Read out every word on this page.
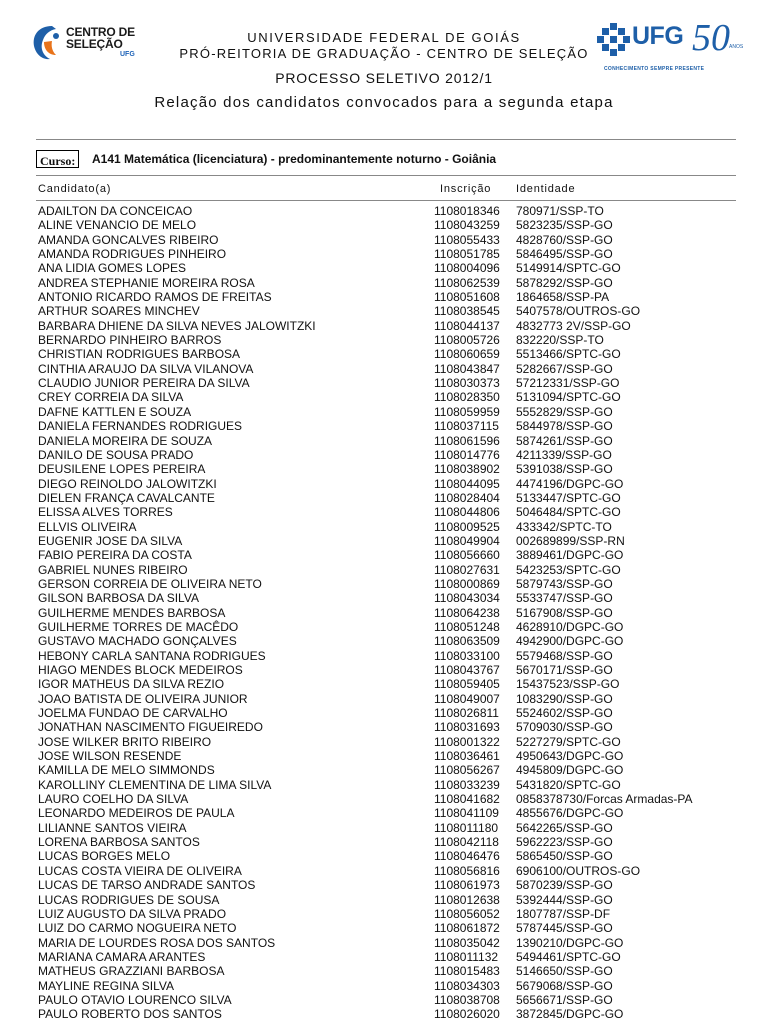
CENTRO DE
SELEÇÃO
UFG
UFG 50 ANOS
CONHECIMENTO SEMPRE PRESENTE
UNIVERSIDADE FEDERAL DE GOIÁS
PRÓ-REITORIA DE GRADUAÇÃO - CENTRO DE SELEÇÃO
PROCESSO SELETIVO 2012/1
Relação dos candidatos convocados para a segunda etapa
Curso:	A141 Matemática (licenciatura) - predominantemente noturno - Goiânia
Candidato(a)	Inscrição Identidade
ADAILTON DA CONCEICAO	1108018346 780971/SSP-TO
ALINE VENANCIO DE MELO	1108043259 5823235/SSP-GO
AMANDA GONCALVES RIBEIRO	1108055433 4828760/SSP-GO
AMANDA RODRIGUES PINHEIRO	1108051785 5846495/SSP-GO
ANA LIDIA GOMES LOPES	1108004096 5149914/SPTC-GO
ANDREA STEPHANIE MOREIRA ROSA	1108062539 5878292/SSP-GO
ANTONIO RICARDO RAMOS DE FREITAS	1108051608 1864658/SSP-PA
ARTHUR SOARES MINCHEV	1108038545 5407578/OUTROS-GO
BARBARA DHIENE DA SILVA NEVES JALOWITZKI	1108044137 4832773 2V/SSP-GO
BERNARDO PINHEIRO BARROS	1108005726 832220/SSP-TO
CHRISTIAN RODRIGUES BARBOSA	1108060659 5513466/SPTC-GO
CINTHIA ARAUJO DA SILVA VILANOVA	1108043847 5282667/SSP-GO
CLAUDIO JUNIOR PEREIRA DA SILVA	1108030373 57212331/SSP-GO
CREY CORREIA DA SILVA	1108028350 5131094/SPTC-GO
DAFNE KATTLEN E SOUZA	1108059959 5552829/SSP-GO
DANIELA FERNANDES RODRIGUES	1108037115 5844978/SSP-GO
DANIELA MOREIRA DE SOUZA	1108061596 5874261/SSP-GO
DANILO DE SOUSA PRADO	1108014776 4211339/SSP-GO
DEUSILENE LOPES PEREIRA	1108038902 5391038/SSP-GO
DIEGO REINOLDO JALOWITZKI	1108044095 4474196/DGPC-GO
DIELEN FRANÇA CAVALCANTE	1108028404 5133447/SPTC-GO
ELISSA ALVES TORRES	1108044806 5046484/SPTC-GO
ELLVIS OLIVEIRA	1108009525 433342/SPTC-TO
EUGENIR JOSE DA SILVA	1108049904 002689899/SSP-RN
FABIO PEREIRA DA COSTA	1108056660 3889461/DGPC-GO
GABRIEL NUNES RIBEIRO	1108027631 5423253/SPTC-GO
GERSON CORREIA DE OLIVEIRA NETO	1108000869 5879743/SSP-GO
GILSON BARBOSA DA SILVA	1108043034 5533747/SSP-GO
GUILHERME MENDES BARBOSA	1108064238 5167908/SSP-GO
GUILHERME TORRES DE MACÊDO	1108051248 4628910/DGPC-GO
GUSTAVO MACHADO GONÇALVES	1108063509 4942900/DGPC-GO
HEBONY CARLA SANTANA RODRIGUES	1108033100 5579468/SSP-GO
HIAGO MENDES BLOCK MEDEIROS	1108043767 5670171/SSP-GO
IGOR MATHEUS DA SILVA REZIO	1108059405 15437523/SSP-GO
JOAO BATISTA DE OLIVEIRA JUNIOR	1108049007 1083290/SSP-GO
JOELMA FUNDAO DE CARVALHO	1108026811 5524602/SSP-GO
JONATHAN NASCIMENTO FIGUEIREDO	1108031693 5709030/SSP-GO
JOSE WILKER BRITO RIBEIRO	1108001322 5227279/SPTC-GO
JOSE WILSON RESENDE	1108036461 4950643/DGPC-GO
KAMILLA DE MELO SIMMONDS	1108056267 4945809/DGPC-GO
KAROLLINY CLEMENTINA DE LIMA SILVA	1108033239 5431820/SPTC-GO
LAURO COELHO DA SILVA	1108041682 0858378730/Forcas Armadas-PA
LEONARDO MEDEIROS DE PAULA	1108041109 4855676/DGPC-GO
LILIANNE SANTOS VIEIRA	1108011180 5642265/SSP-GO
LORENA BARBOSA SANTOS	1108042118 5962223/SSP-GO
LUCAS BORGES MELO	1108046476 5865450/SSP-GO
LUCAS COSTA VIEIRA DE OLIVEIRA	1108056816 6906100/OUTROS-GO
LUCAS DE TARSO ANDRADE SANTOS	1108061973 5870239/SSP-GO
LUCAS RODRIGUES DE SOUSA	1108012638 5392444/SSP-GO
LUIZ AUGUSTO DA SILVA PRADO	1108056052 1807787/SSP-DF
LUIZ DO CARMO NOGUEIRA NETO	1108061872 5787445/SSP-GO
MARIA DE LOURDES ROSA DOS SANTOS	1108035042 1390210/DGPC-GO
MARIANA CAMARA ARANTES	1108011132 5494461/SPTC-GO
MATHEUS GRAZZIANI BARBOSA	1108015483 5146650/SSP-GO
MAYLINE REGINA SILVA	1108034303 5679068/SSP-GO
PAULO OTAVIO LOURENCO SILVA	1108038708 5656671/SSP-GO
PAULO ROBERTO DOS SANTOS	1108026020 3872845/DGPC-GO
